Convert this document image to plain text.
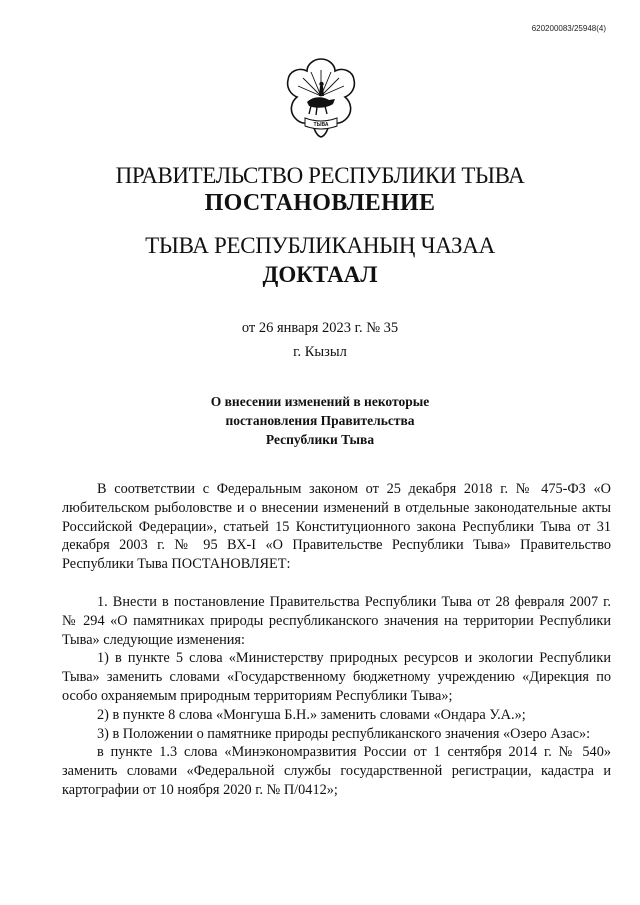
620200083/25948(4)
ТЫВА
ПРАВИТЕЛЬСТВО РЕСПУБЛИКИ ТЫВА
ПОСТАНОВЛЕНИЕ
ТЫВА РЕСПУБЛИКАНЫҢ ЧАЗАА
ДОКТААЛ
от 26 января 2023 г. № 35
г. Кызыл
О внесении изменений в некоторые
постановления Правительства
Республики Тыва

В соответствии с Федеральным законом от 25 декабря 2018 г. № 475-ФЗ «О любительском рыболовстве и о внесении изменений в отдельные законодательные акты Российской Федерации», статьей 15 Конституционного закона Республики Тыва от 31 декабря 2003 г. № 95 ВХ-I «О Правительстве Республики Тыва» Правительство Республики Тыва ПОСТАНОВЛЯЕТ:

1. Внести в постановление Правительства Республики Тыва от 28 февраля 2007 г. № 294 «О памятниках природы республиканского значения на территории Республики Тыва» следующие изменения:

1) в пункте 5 слова «Министерству природных ресурсов и экологии Республики Тыва» заменить словами «Государственному бюджетному учреждению «Дирекция по особо охраняемым природным территориям Республики Тыва»;

2) в пункте 8 слова «Монгуша Б.Н.» заменить словами «Ондара У.А.»;

3) в Положении о памятнике природы республиканского значения «Озеро Азас»:

в пункте 1.3 слова «Минэкономразвития России от 1 сентября 2014 г. № 540» заменить словами «Федеральной службы государственной регистрации, кадастра и картографии от 10 ноября 2020 г. № П/0412»;
